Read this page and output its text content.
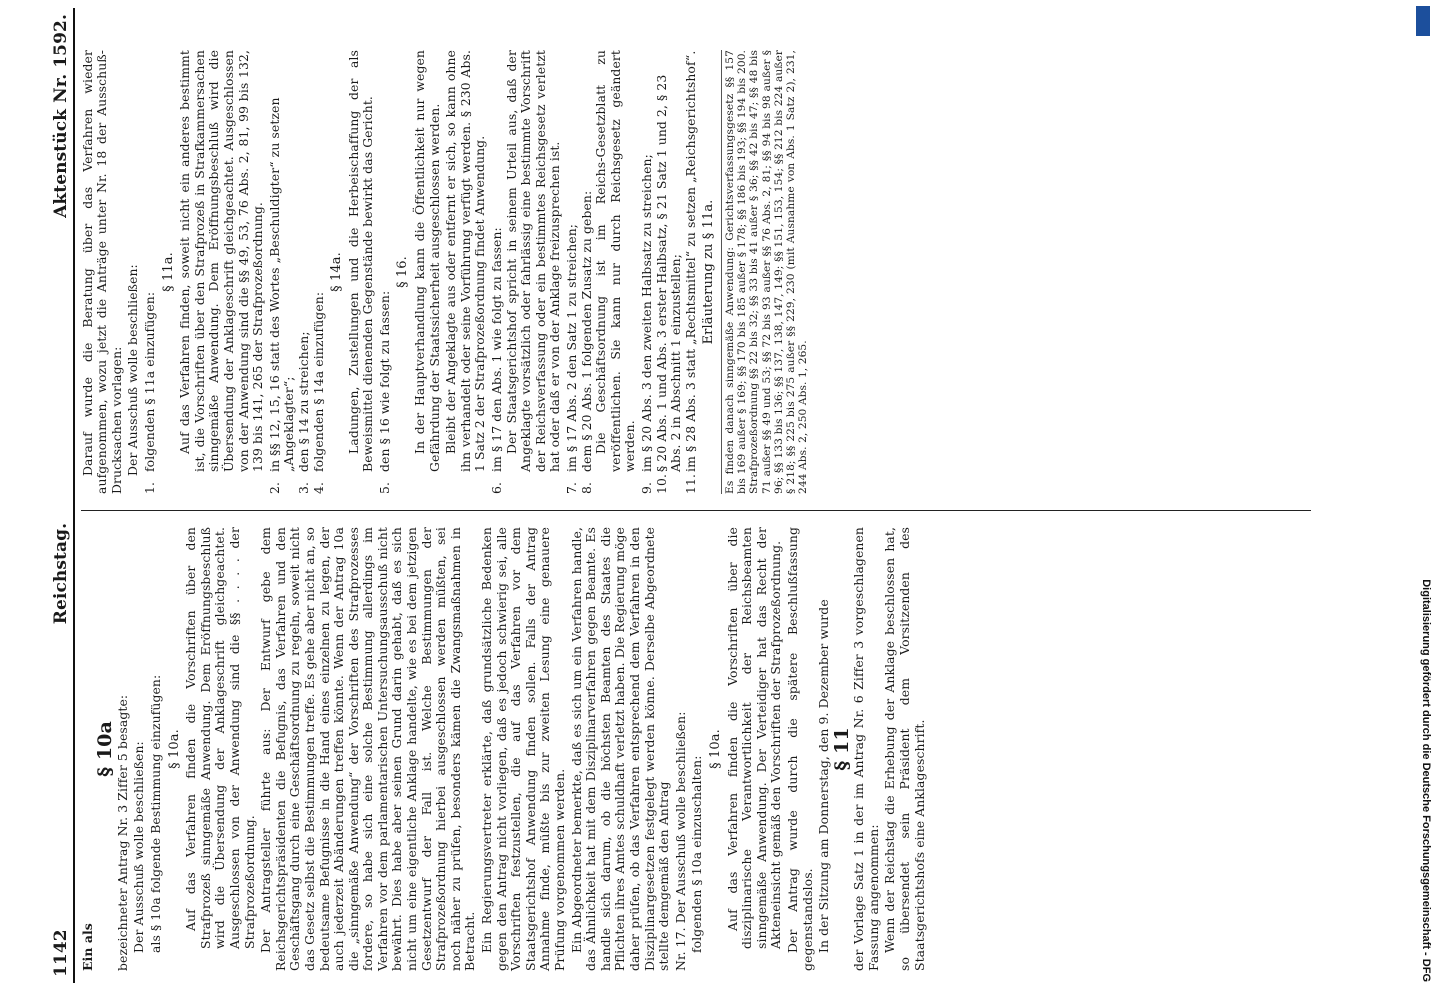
1142
Reichstag.
Aktenstück Nr. 1592.

Ein als

§ 10a

bezeichneter Antrag Nr. 3 Ziffer 5 besagte: Der Ausschuß wolle beschließen: als § 10a folgende Bestimmung einzufügen: § 10a. Auf das Verfahren finden die Vorschriften über den Strafprozeß sinngemäße Anwendung. Dem Eröffnungsbeschluß wird die Übersendung der Anklageschrift gleichgeachtet. Ausgeschlossen von der Anwendung sind die §§ . . . . der Strafprozeßordnung. Der Antragsteller führte aus: Der Entwurf gebe dem Reichsgerichtspräsidenten die Befugnis, das Verfahren und den Geschäftsgang durch eine Geschäftsordnung zu regeln, soweit nicht das Gesetz selbst die Bestimmungen treffe. Es gehe aber nicht an, so bedeutsame Befugnisse in die Hand eines einzelnen zu legen, der auch jederzeit Abänderungen treffen könnte. Wenn der Antrag 10a die „sinngemäße Anwendung“ der Vorschriften des Strafprozesses fordere, so habe sich eine solche Bestimmung allerdings im Verfahren vor dem parlamentarischen Untersuchungsausschuß nicht bewährt. Dies habe aber seinen Grund darin gehabt, daß es sich nicht um eine eigentliche Anklage handelte, wie es bei dem jetzigen Gesetzentwurf der Fall ist. Welche Bestimmungen der Strafprozeßordnung hierbei ausgeschlossen werden müßten, sei noch näher zu prüfen, besonders kämen die Zwangsmaßnahmen in Betracht. Ein Regierungsvertreter erklärte, daß grundsätzliche Bedenken gegen den Antrag nicht vorliegen, daß es jedoch schwierig sei, alle Vorschriften festzustellen, die auf das Verfahren vor dem Staatsgerichtshof Anwendung finden sollen. Falls der Antrag Annahme finde, müßte bis zur zweiten Lesung eine genauere Prüfung vorgenommen werden. Ein Abgeordneter bemerkte, daß es sich um ein Verfahren handle, das Ähnlichkeit hat mit dem Disziplinarverfahren gegen Beamte. Es handle sich darum, ob die höchsten Beamten des Staates die Pflichten ihres Amtes schuldhaft verletzt haben. Die Regierung möge daher prüfen, ob das Verfahren entsprechend dem Verfahren in den Disziplinargesetzen festgelegt werden könne. Derselbe Abgeordnete stellte demgemäß den Antrag Nr. 17. Der Ausschuß wolle beschließen: folgenden § 10a einzuschalten:

§ 10a. Auf das Verfahren finden die Vorschriften über die disziplinarische Verantwortlichkeit der Reichsbeamten sinngemäße Anwendung. Der Verteidiger hat das Recht der Akteneinsicht gemäß den Vorschriften der Strafprozeßordnung. Der Antrag wurde durch die spätere Beschlußfassung gegenstandslos. In der Sitzung am Donnerstag, den 9. Dezember wurde § 11

der Vorlage Satz 1 in der im Antrag Nr. 6 Ziffer 3 vorgeschlagenen Fassung angenommen: Wenn der Reichstag die Erhebung der Anklage beschlossen hat, so übersendet sein Präsident dem Vorsitzenden des Staatsgerichtshofs eine Anklageschrift.

Darauf wurde die Beratung über das Verfahren wieder aufgenommen, wozu jetzt die Anträge unter Nr. 18 der Ausschuß-Drucksachen vorlagen: Der Ausschuß wolle beschließen:

1.
folgenden § 11a einzufügen:

§ 11a. Auf das Verfahren finden, soweit nicht ein anderes bestimmt ist, die Vorschriften über den Strafprozeß in Strafkammersachen sinngemäße Anwendung. Dem Eröffnungsbeschluß wird die Übersendung der Anklageschrift gleichgeachtet. Ausgeschlossen von der Anwendung sind die §§ 49, 53, 76 Abs. 2, 81, 99 bis 132, 139 bis 141, 265 der Strafprozeßordnung.

2.
in §§ 12, 15, 16 statt des Wortes „Beschuldigter“ zu setzen „Angeklagter“;
3.
den § 14 zu streichen;
4.
folgenden § 14a einzufügen:

§ 14a. Ladungen, Zustellungen und die Herbeischaffung der als Beweismittel dienenden Gegenstände bewirkt das Gericht.

5.
den § 16 wie folgt zu fassen:

§ 16. In der Hauptverhandlung kann die Öffentlichkeit nur wegen Gefährdung der Staatssicherheit ausgeschlossen werden. Bleibt der Angeklagte aus oder entfernt er sich, so kann ohne ihn verhandelt oder seine Vorführung verfügt werden. § 230 Abs. 1 Satz 2 der Strafprozeßordnung findet Anwendung.

6.
im § 17 den Abs. 1 wie folgt zu fassen: Der Staatsgerichtshof spricht in seinem Urteil aus, daß der Angeklagte vorsätzlich oder fahrlässig eine bestimmte Vorschrift der Reichsverfassung oder ein bestimmtes Reichsgesetz verletzt hat oder daß er von der Anklage freizusprechen ist.

7.
im § 17 Abs. 2 den Satz 1 zu streichen;
8.
dem § 20 Abs. 1 folgenden Zusatz zu geben: Die Geschäftsordnung ist im Reichs-Gesetzblatt zu veröffentlichen. Sie kann nur durch Reichsgesetz geändert werden.

9.
im § 20 Abs. 3 den zweiten Halbsatz zu streichen;
10.
§ 20 Abs. 1 und Abs. 3 erster Halbsatz, § 21 Satz 1 und 2, § 23 Abs. 2 in Abschnitt 1 einzustellen;
11.
im § 28 Abs. 3 statt „Rechtsmittel“ zu setzen „Reichsgerichtshof“. Erläuterung zu § 11a. Es finden danach sinngemäße Anwendung: Gerichtsverfassungsgesetz §§ 157 bis 169 außer § 169; §§ 170 bis 185 außer § 178; §§ 186 bis 193; §§ 194 bis 200. Strafprozeßordnung §§ 22 bis 32; §§ 33 bis 41 außer § 36; §§ 42 bis 47; §§ 48 bis 71 außer §§ 49 und 53; §§ 72 bis 93 außer §§ 76 Abs. 2, 81; §§ 94 bis 98 außer § 96; §§ 133 bis 136; §§ 137, 138, 147, 149; §§ 151, 153, 154; §§ 212 bis 224 außer § 218; §§ 225 bis 275 außer §§ 229, 230 (mit Ausnahme von Abs. 1 Satz 2), 231, 244 Abs. 2, 250 Abs. 1, 265.

Digitalisierung gefördert durch die Deutsche Forschungsgemeinschaft - DFG
